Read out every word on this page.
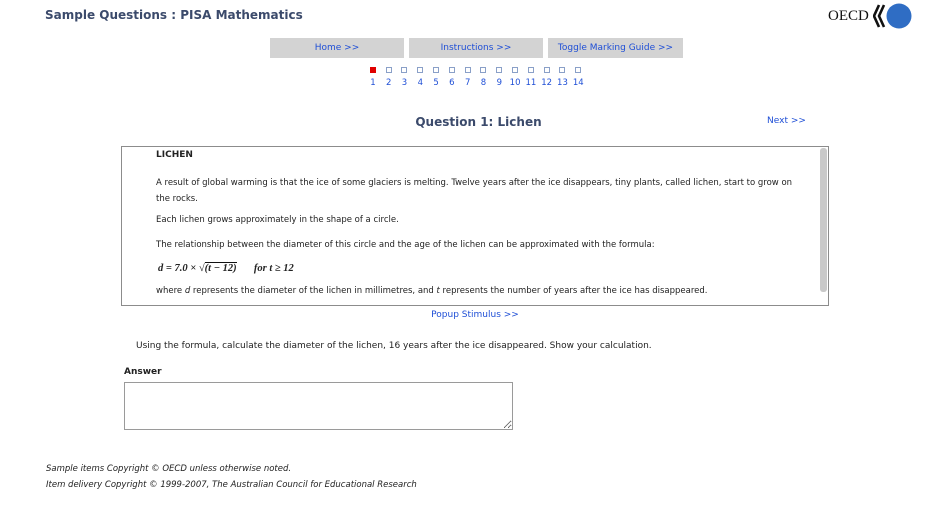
Sample Questions : PISA Mathematics	OECD
Home >>	Instructions >>	Toggle Marking Guide >>
1	2	3	4	5	6	7	8	9 10 11 12 13 14
Question 1: Lichen	Next >>
LICHEN
A result of global warming is that the ice of some glaciers is melting. Twelve years after the ice disappears, tiny plants, called lichen, start to grow on the rocks.
Each lichen grows approximately in the shape of a circle.
The relationship between the diameter of this circle and the age of the lichen can be approximated with the formula:
d = 7.0 × √(t − 12) for t ≥ 12
where d represents the diameter of the lichen in millimetres, and t represents the number of years after the ice has disappeared.
Popup Stimulus >>
Using the formula, calculate the diameter of the lichen, 16 years after the ice disappeared. Show your calculation.
Answer
Sample items Copyright © OECD unless otherwise noted.
Item delivery Copyright © 1999-2007, The Australian Council for Educational Research
